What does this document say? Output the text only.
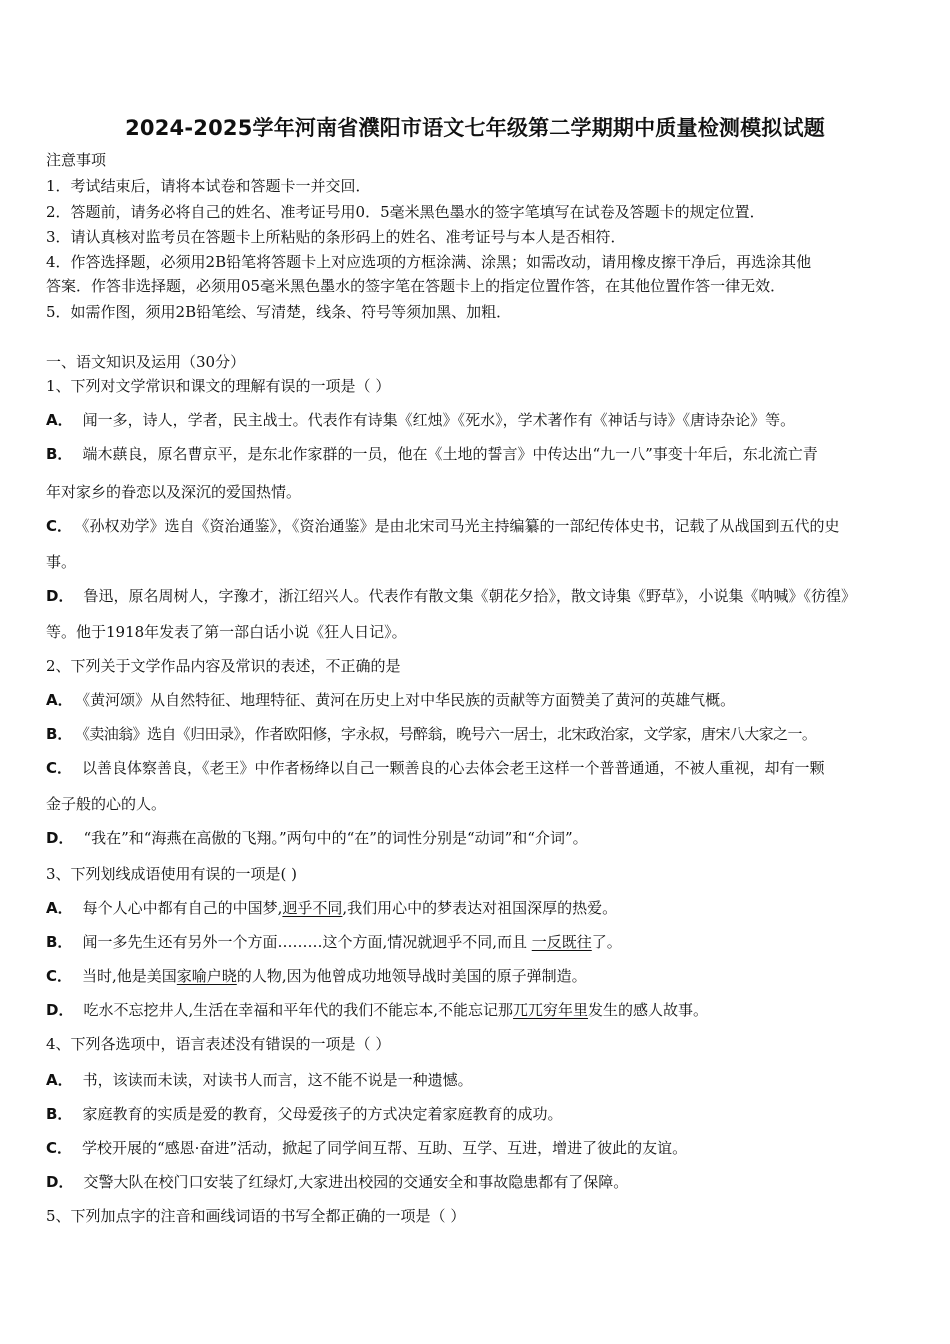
2024-2025学年河南省濮阳市语文七年级第二学期期中质量检测模拟试题
注意事项
1．考试结束后，请将本试卷和答题卡一并交回．
2．答题前，请务必将自己的姓名、准考证号用0．5毫米黑色墨水的签字笔填写在试卷及答题卡的规定位置．
3．请认真核对监考员在答题卡上所粘贴的条形码上的姓名、准考证号与本人是否相符．
4．作答选择题，必须用2B铅笔将答题卡上对应选项的方框涂满、涂黑；如需改动，请用橡皮擦干净后，再选涂其他
答案．作答非选择题，必须用05毫米黑色墨水的签字笔在答题卡上的指定位置作答，在其他位置作答一律无效．
5．如需作图，须用2B铅笔绘、写清楚，线条、符号等须加黑、加粗．
一、语文知识及运用（30分）
1、下列对文学常识和课文的理解有误的一项是（ ）
A． 闻一多，诗人，学者，民主战士。代表作有诗集《红烛》《死水》，学术著作有《神话与诗》《唐诗杂论》等。
B． 端木蕻良，原名曹京平，是东北作家群的一员，他在《土地的誓言》中传达出“九一八”事变十年后，东北流亡青
年对家乡的眷恋以及深沉的爱国热情。
C． 《孙权劝学》选自《资治通鉴》，《资治通鉴》是由北宋司马光主持编纂的一部纪传体史书，记载了从战国到五代的史
事。
D． 鲁迅，原名周树人，字豫才，浙江绍兴人。代表作有散文集《朝花夕拾》，散文诗集《野草》，小说集《呐喊》《彷徨》
等。他于1918年发表了第一部白话小说《狂人日记》。
2、下列关于文学作品内容及常识的表述，不正确的是
A． 《黄河颂》从自然特征、地理特征、黄河在历史上对中华民族的贡献等方面赞美了黄河的英雄气概。
B． 《卖油翁》选自《归田录》，作者欧阳修，字永叔，号醉翁，晚号六一居士，北宋政治家，文学家，唐宋八大家之一。
C． 以善良体察善良，《老王》中作者杨绛以自己一颗善良的心去体会老王这样一个普普通通，不被人重视，却有一颗
金子般的心的人。
D． “我在”和“海燕在高傲的飞翔。”两句中的“在”的词性分别是“动词”和“介词”。
3、下列划线成语使用有误的一项是( )
A． 每个人心中都有自己的中国梦,迥乎不同,我们用心中的梦表达对祖国深厚的热爱。
B． 闻一多先生还有另外一个方面………这个方面,情况就迥乎不同,而且 一反既往了。
C． 当时,他是美国家喻户晓的人物,因为他曾成功地领导战时美国的原子弹制造。
D． 吃水不忘挖井人,生活在幸福和平年代的我们不能忘本,不能忘记那兀兀穷年里发生的感人故事。
4、下列各选项中，语言表述没有错误的一项是（ ）
A． 书，该读而未读，对读书人而言，这不能不说是一种遗憾。
B． 家庭教育的实质是爱的教育，父母爱孩子的方式决定着家庭教育的成功。
C． 学校开展的“感恩·奋进”活动，掀起了同学间互帮、互助、互学、互进，增进了彼此的友谊。
D． 交警大队在校门口安装了红绿灯,大家进出校园的交通安全和事故隐患都有了保障。
5、下列加点字的注音和画线词语的书写全都正确的一项是（ ）
